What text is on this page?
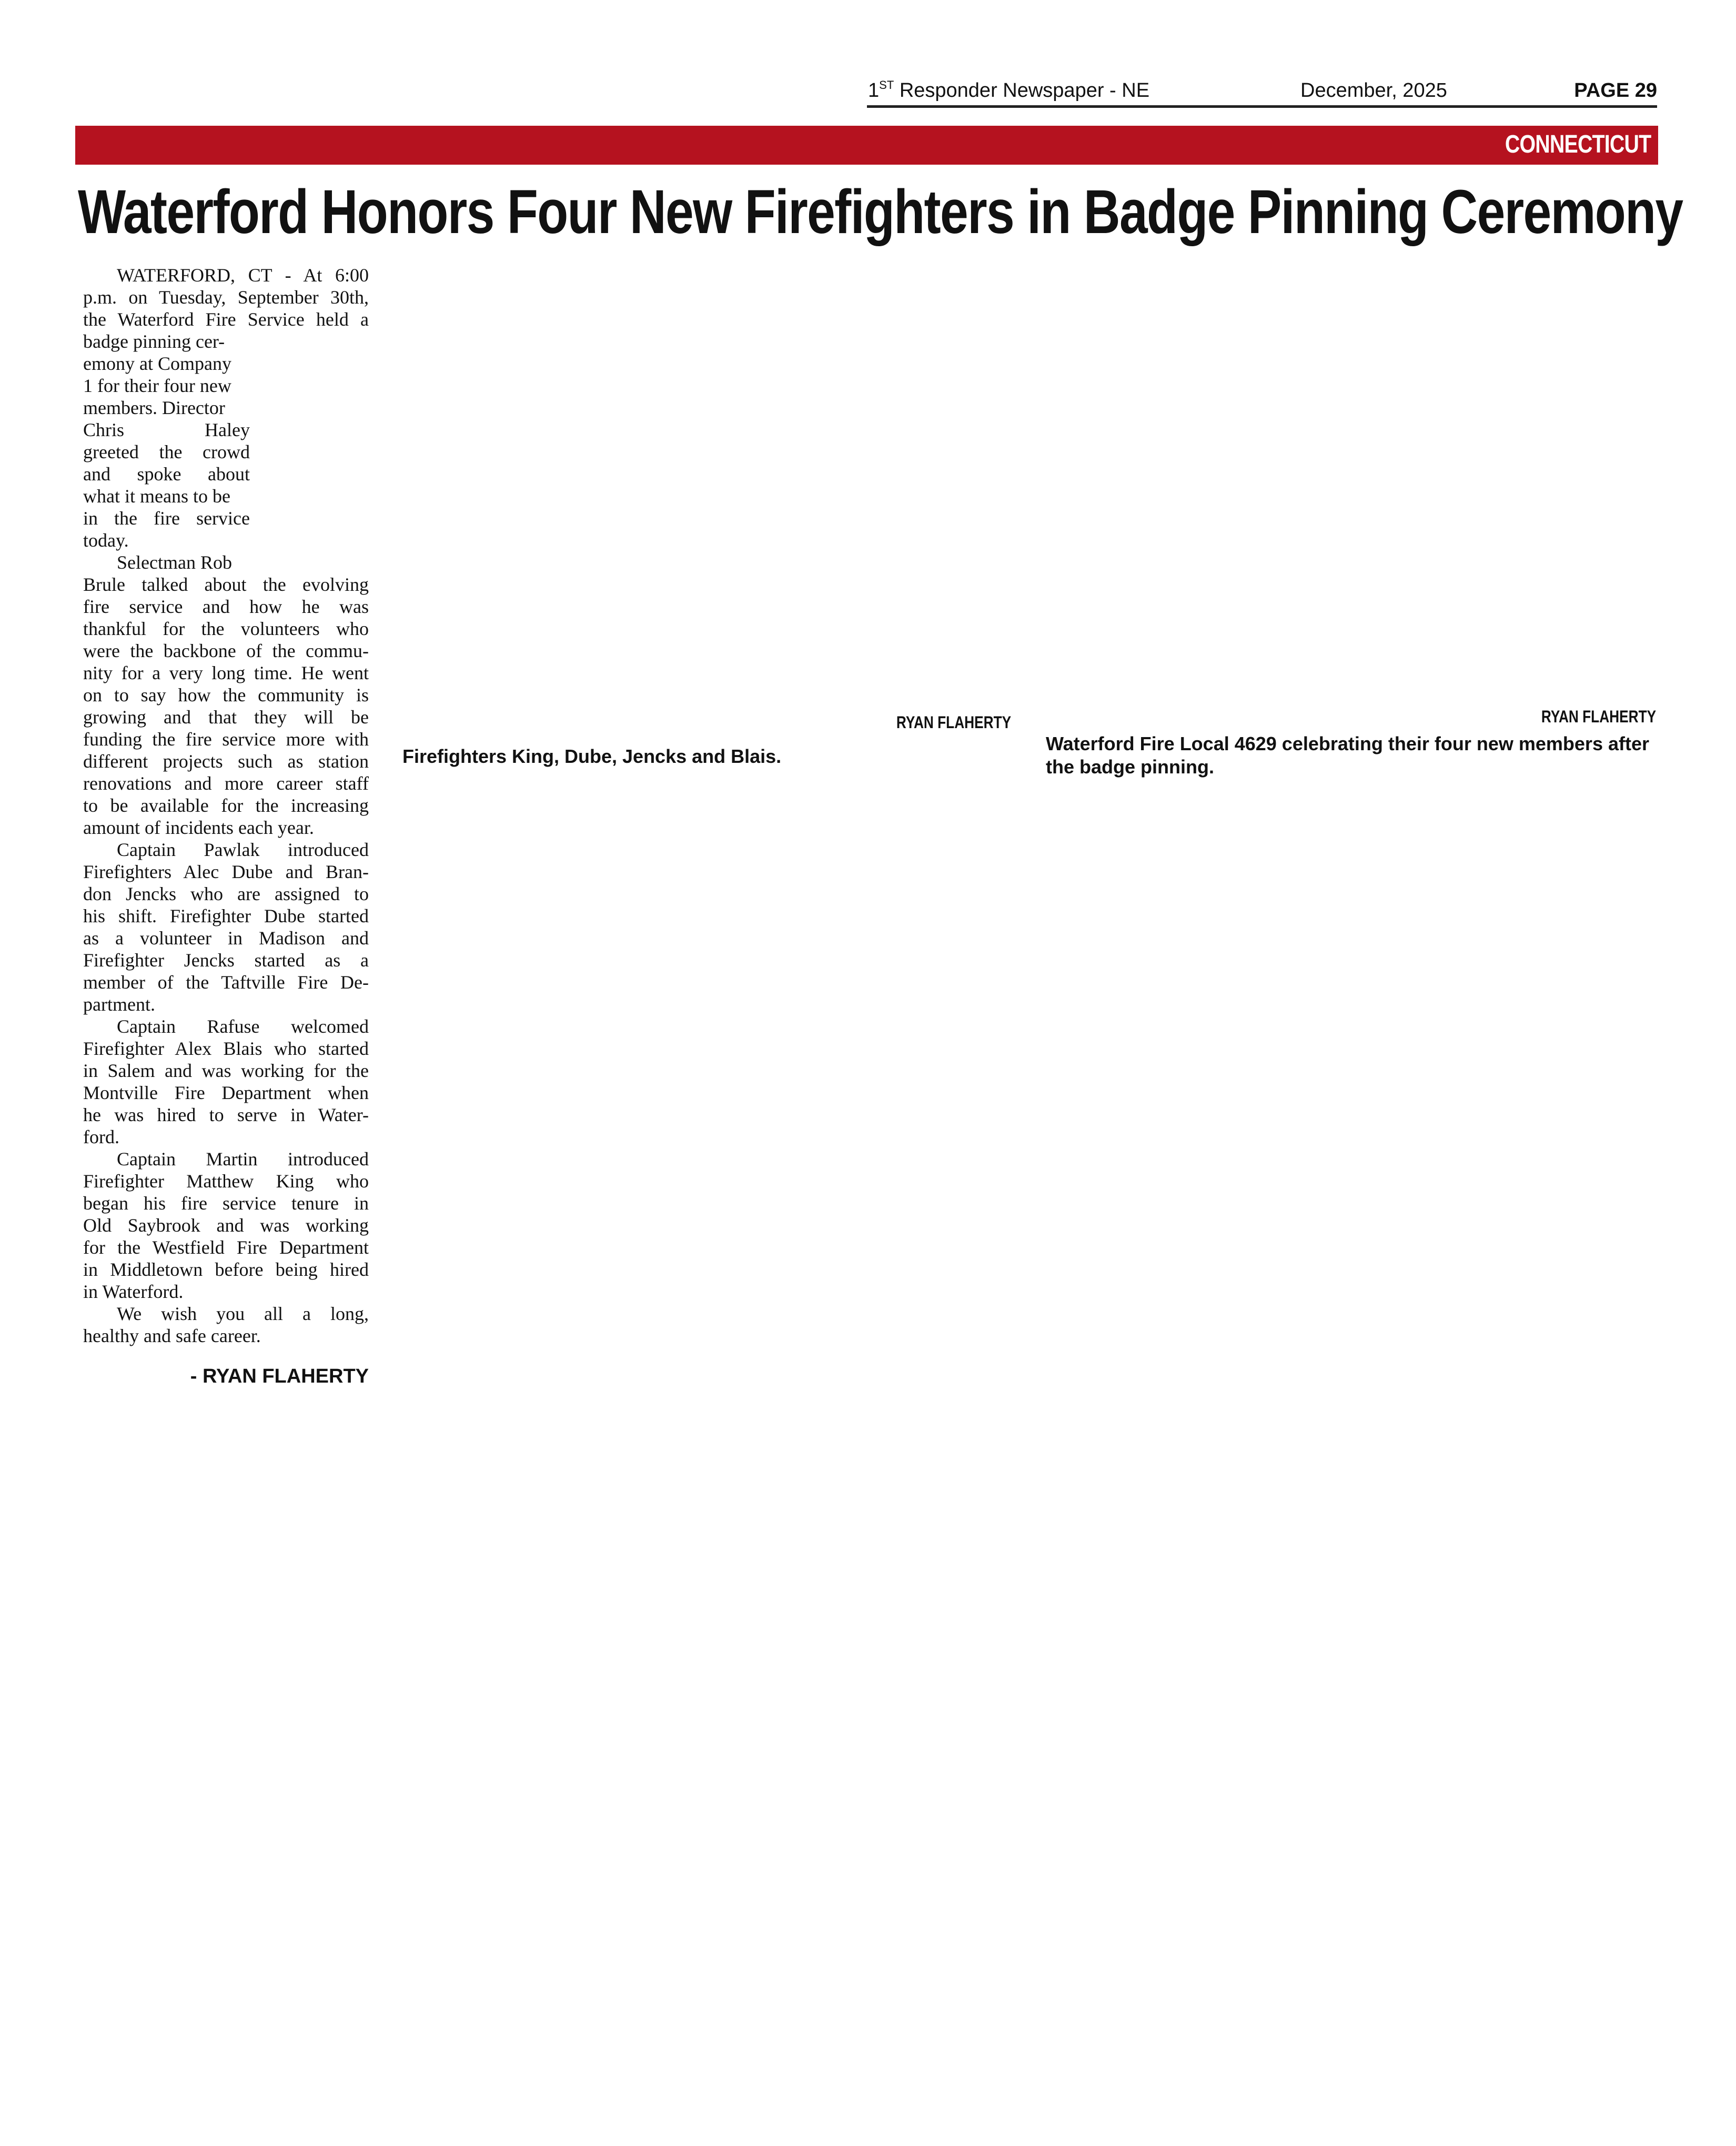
1ST Responder Newspaper - NE	December, 2025	PAGE 29
CONNECTICUT
Waterford Honors Four New Firefighters in Badge Pinning Ceremony
WATERFORD, CT - At 6:00
p.m. on Tuesday, September 30th,
the Waterford Fire Service held a
badge pinning cer-
emony at Company
1 for their four new
members. Director
Chris Haley
greeted the crowd
and spoke about
what it means to be
in the fire service
today.
Selectman Rob
Brule talked about the evolving
fire service and how he was
thankful for the volunteers who
were the backbone of the commu-
nity for a very long time. He went
on to say how the community is
growing and that they will be
funding the fire service more with
different projects such as station
renovations and more career staff
to be available for the increasing
amount of incidents each year.
Captain Pawlak introduced
Firefighters Alec Dube and Bran-
don Jencks who are assigned to
his shift. Firefighter Dube started
as a volunteer in Madison and
Firefighter Jencks started as a
member of the Taftville Fire De-
partment.
Captain Rafuse welcomed
Firefighter Alex Blais who started
in Salem and was working for the
Montville Fire Department when
he was hired to serve in Water-
ford.
Captain Martin introduced
Firefighter Matthew King who
began his fire service tenure in
Old Saybrook and was working
for the Westfield Fire Department
in Middletown before being hired
in Waterford.
We wish you all a long,
healthy and safe career.
- RYAN FLAHERTY
RYAN FLAHERTY
Firefighters King, Dube, Jencks and Blais.
RYAN FLAHERTY
Waterford Fire Local 4629 celebrating their four new members after the badge pinning.
